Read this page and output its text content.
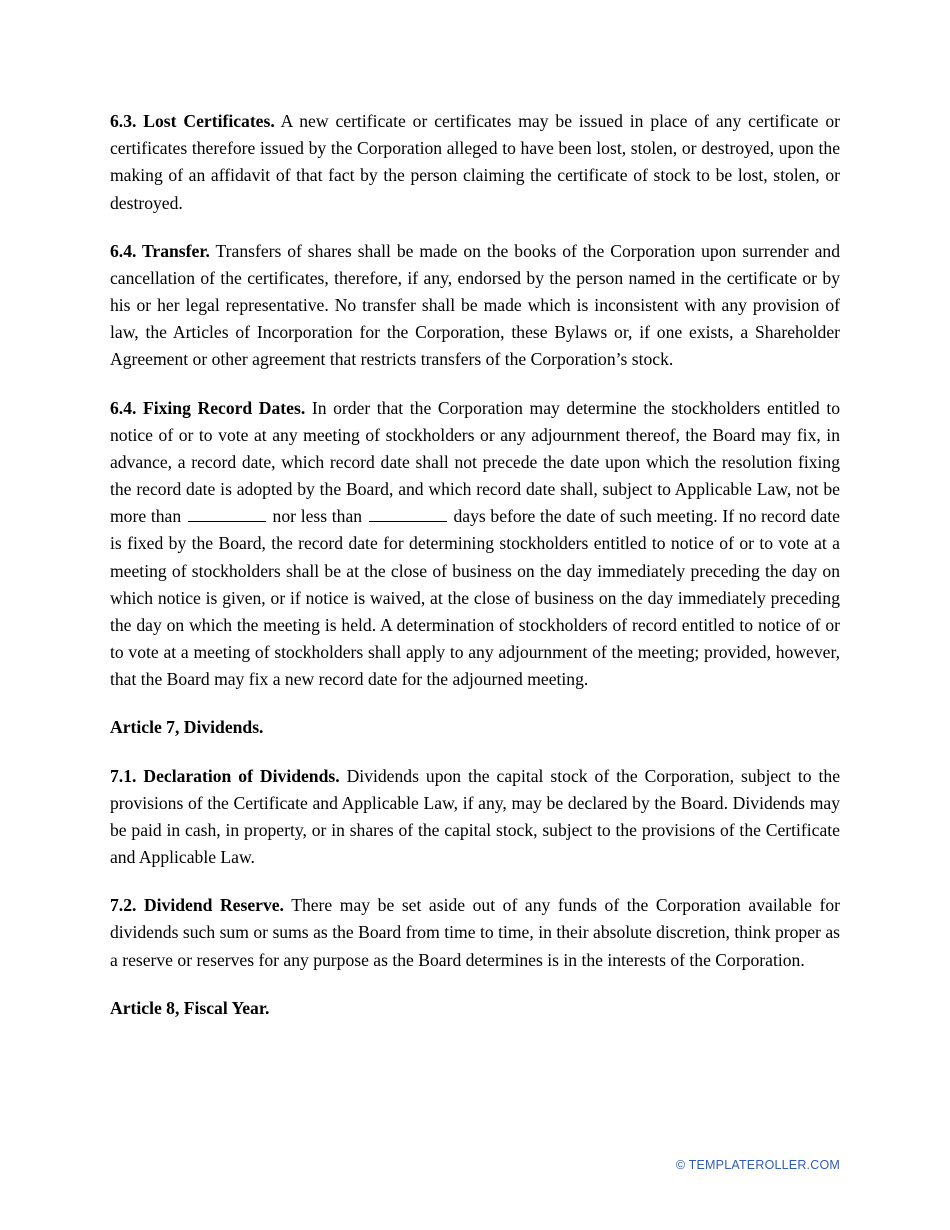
6.3. Lost Certificates. A new certificate or certificates may be issued in place of any certificate or certificates therefore issued by the Corporation alleged to have been lost, stolen, or destroyed, upon the making of an affidavit of that fact by the person claiming the certificate of stock to be lost, stolen, or destroyed.

6.4. Transfer. Transfers of shares shall be made on the books of the Corporation upon surrender and cancellation of the certificates, therefore, if any, endorsed by the person named in the certificate or by his or her legal representative. No transfer shall be made which is inconsistent with any provision of law, the Articles of Incorporation for the Corporation, these Bylaws or, if one exists, a Shareholder Agreement or other agreement that restricts transfers of the Corporation’s stock.

6.4. Fixing Record Dates. In order that the Corporation may determine the stockholders entitled to notice of or to vote at any meeting of stockholders or any adjournment thereof, the Board may fix, in advance, a record date, which record date shall not precede the date upon which the resolution fixing the record date is adopted by the Board, and which record date shall, subject to Applicable Law, not be more than	nor less than	days before the date of such meeting. If no record date is fixed by the Board, the record date for determining stockholders entitled to notice of or to vote at a meeting of stockholders shall be at the close of business on the day immediately preceding the day on which notice is given, or if notice is waived, at the close of business on the day immediately preceding the day on which the meeting is held. A determination of stockholders of record entitled to notice of or to vote at a meeting of stockholders shall apply to any adjournment of the meeting; provided, however, that the Board may fix a new record date for the adjourned meeting.

Article 7, Dividends.

7.1. Declaration of Dividends. Dividends upon the capital stock of the Corporation, subject to the provisions of the Certificate and Applicable Law, if any, may be declared by the Board. Dividends may be paid in cash, in property, or in shares of the capital stock, subject to the provisions of the Certificate and Applicable Law.

7.2. Dividend Reserve. There may be set aside out of any funds of the Corporation available for dividends such sum or sums as the Board from time to time, in their absolute discretion, think proper as a reserve or reserves for any purpose as the Board determines is in the interests of the Corporation.

Article 8, Fiscal Year.

© TEMPLATEROLLER.COM
